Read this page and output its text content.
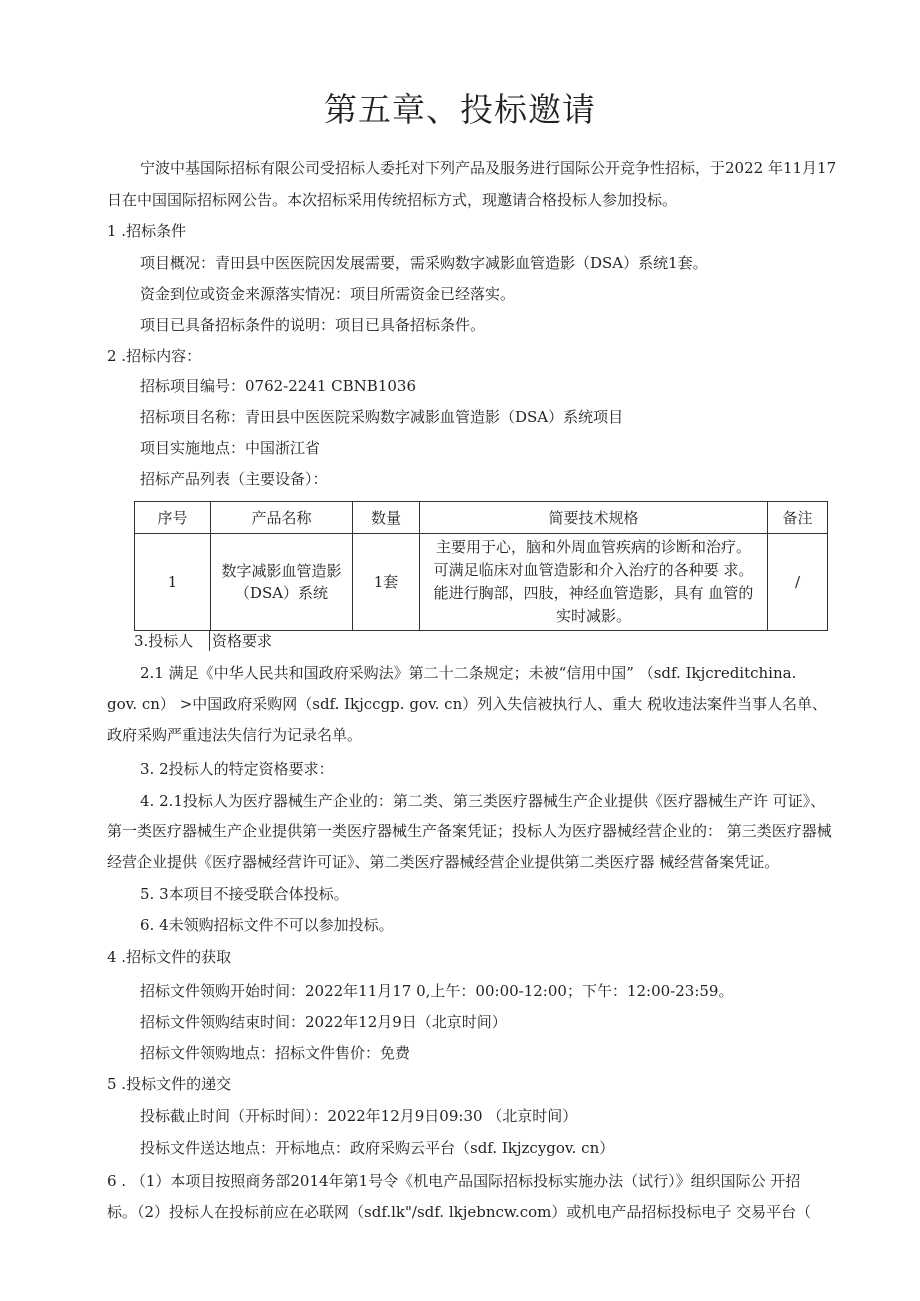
第五章、投标邀请
宁波中基国际招标有限公司受招标人委托对下列产品及服务进行国际公开竞争性招标，于2022 年11月17
日在中国国际招标网公告。本次招标采用传统招标方式，现邀请合格投标人参加投标。
1 .招标条件
项目概况：青田县中医医院因发展需要，需采购数字减影血管造影（DSA）系统1套。
资金到位或资金来源落实情况：项目所需资金已经落实。
项目已具备招标条件的说明：项目已具备招标条件。
2 .招标内容：
招标项目编号：0762-2241 CBNB1036
招标项目名称：青田县中医医院采购数字减影血管造影（DSA）系统项目
项目实施地点：中国浙江省
招标产品列表（主要设备）：
序号	产品名称	数量	简要技术规格	备注
1	数字减影血管造影
（DSA）系统	1套	主要用于心，脑和外周血管疾病的诊断和治疗。
可满足临床对血管造影和介入治疗的各种要 求。
能进行胸部，四肢，神经血管造影，具有 血管的
实时减影。	/
3.投标人 资格要求
2.1 满足《中华人民共和国政府采购法》第二十二条规定；未被“信用中国” （sdf. Ikjcreditchina.
gov. cn） >中国政府采购网（sdf. Ikjccgp. gov. cn）列入失信被执行人、重大 税收违法案件当事人名单、
政府采购严重违法失信行为记录名单。
3. 2投标人的特定资格要求：
4. 2.1投标人为医疗器械生产企业的：第二类、第三类医疗器械生产企业提供《医疗器械生产许 可证》、
第一类医疗器械生产企业提供第一类医疗器械生产备案凭证；投标人为医疗器械经营企业的： 第三类医疗器械
经营企业提供《医疗器械经营许可证》、第二类医疗器械经营企业提供第二类医疗器 械经营备案凭证。
5. 3本项目不接受联合体投标。
6. 4未领购招标文件不可以参加投标。
4 .招标文件的获取
招标文件领购开始时间：2022年11月17 0,上午：00:00-12:00；下午：12:00-23:59。
招标文件领购结束时间：2022年12月9日（北京时间）
招标文件领购地点：招标文件售价：免费
5 .投标文件的递交
投标截止时间（开标时间）：2022年12月9日09:30 （北京时间）
投标文件送达地点：开标地点：政府采购云平台（sdf. Ikjzcygov. cn）
6 . （1）本项目按照商务部2014年第1号令《机电产品国际招标投标实施办法（试行）》组织国际公 开招
标。（2）投标人在投标前应在必联网（sdf.lk"/sdf. lkjebncw.com）或机电产品招标投标电子 交易平台（
